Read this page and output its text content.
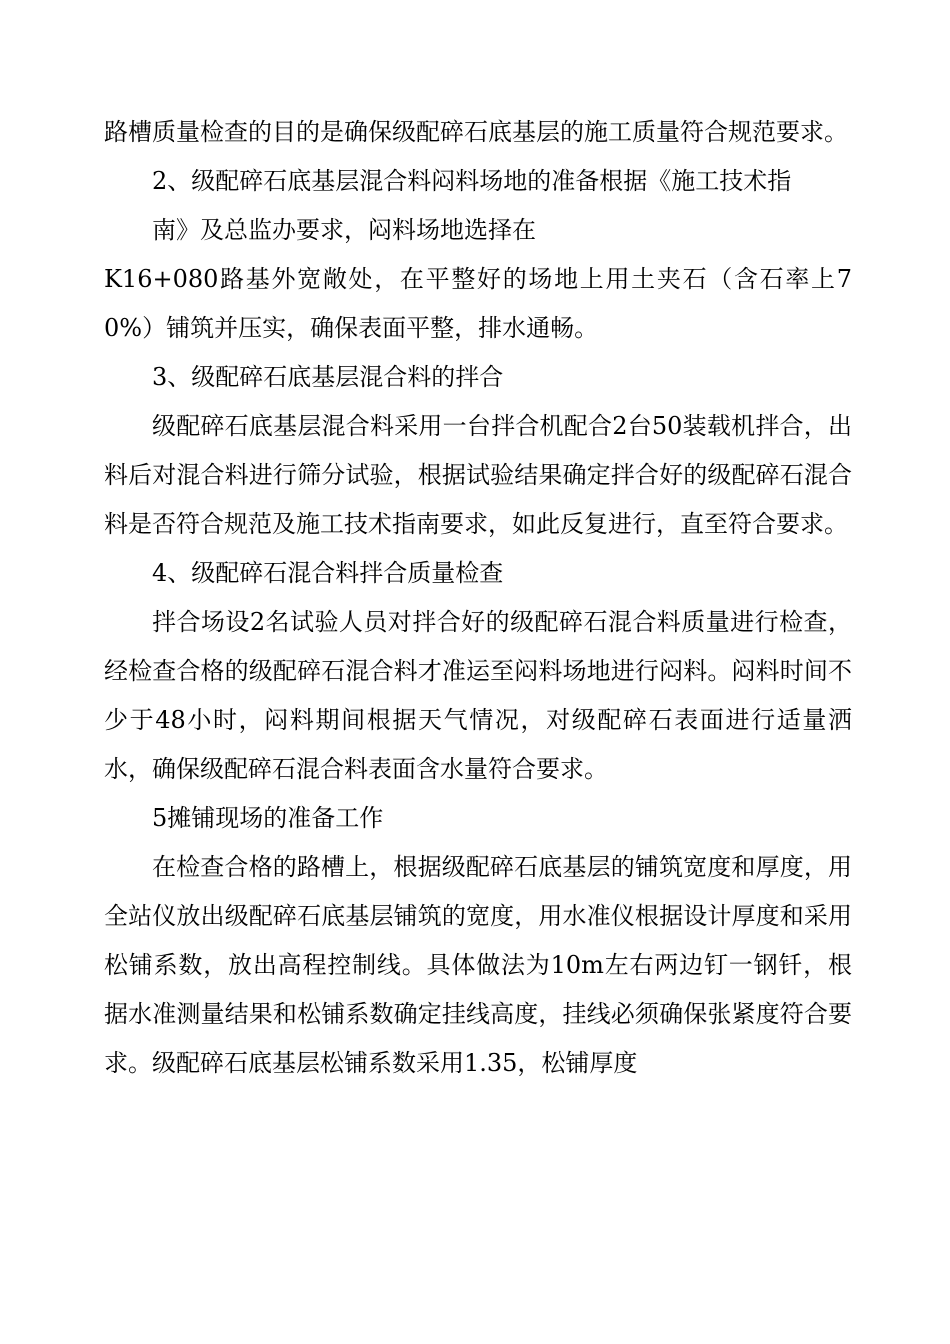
路槽质量检查的目的是确保级配碎石底基层的施工质量符合规范要求。

2、级配碎石底基层混合料闷料场地的准备根据《施工技术指

南》及总监办要求，闷料场地选择在

K16+080路基外宽敞处，在平整好的场地上用土夹石（含石率上70%）铺筑并压实，确保表面平整，排水通畅。

3、级配碎石底基层混合料的拌合

级配碎石底基层混合料采用一台拌合机配合2台50装载机拌合，出料后对混合料进行筛分试验，根据试验结果确定拌合好的级配碎石混合料是否符合规范及施工技术指南要求，如此反复进行，直至符合要求。

4、级配碎石混合料拌合质量检查

拌合场设2名试验人员对拌合好的级配碎石混合料质量进行检查，经检查合格的级配碎石混合料才准运至闷料场地进行闷料。闷料时间不少于48小时，闷料期间根据天气情况，对级配碎石表面进行适量洒水，确保级配碎石混合料表面含水量符合要求。

5摊铺现场的准备工作

在检查合格的路槽上，根据级配碎石底基层的铺筑宽度和厚度，用全站仪放出级配碎石底基层铺筑的宽度，用水准仪根据设计厚度和采用松铺系数，放出高程控制线。具体做法为10m左右两边钉一钢钎，根据水准测量结果和松铺系数确定挂线高度，挂线必须确保张紧度符合要求。级配碎石底基层松铺系数采用1.35，松铺厚度
